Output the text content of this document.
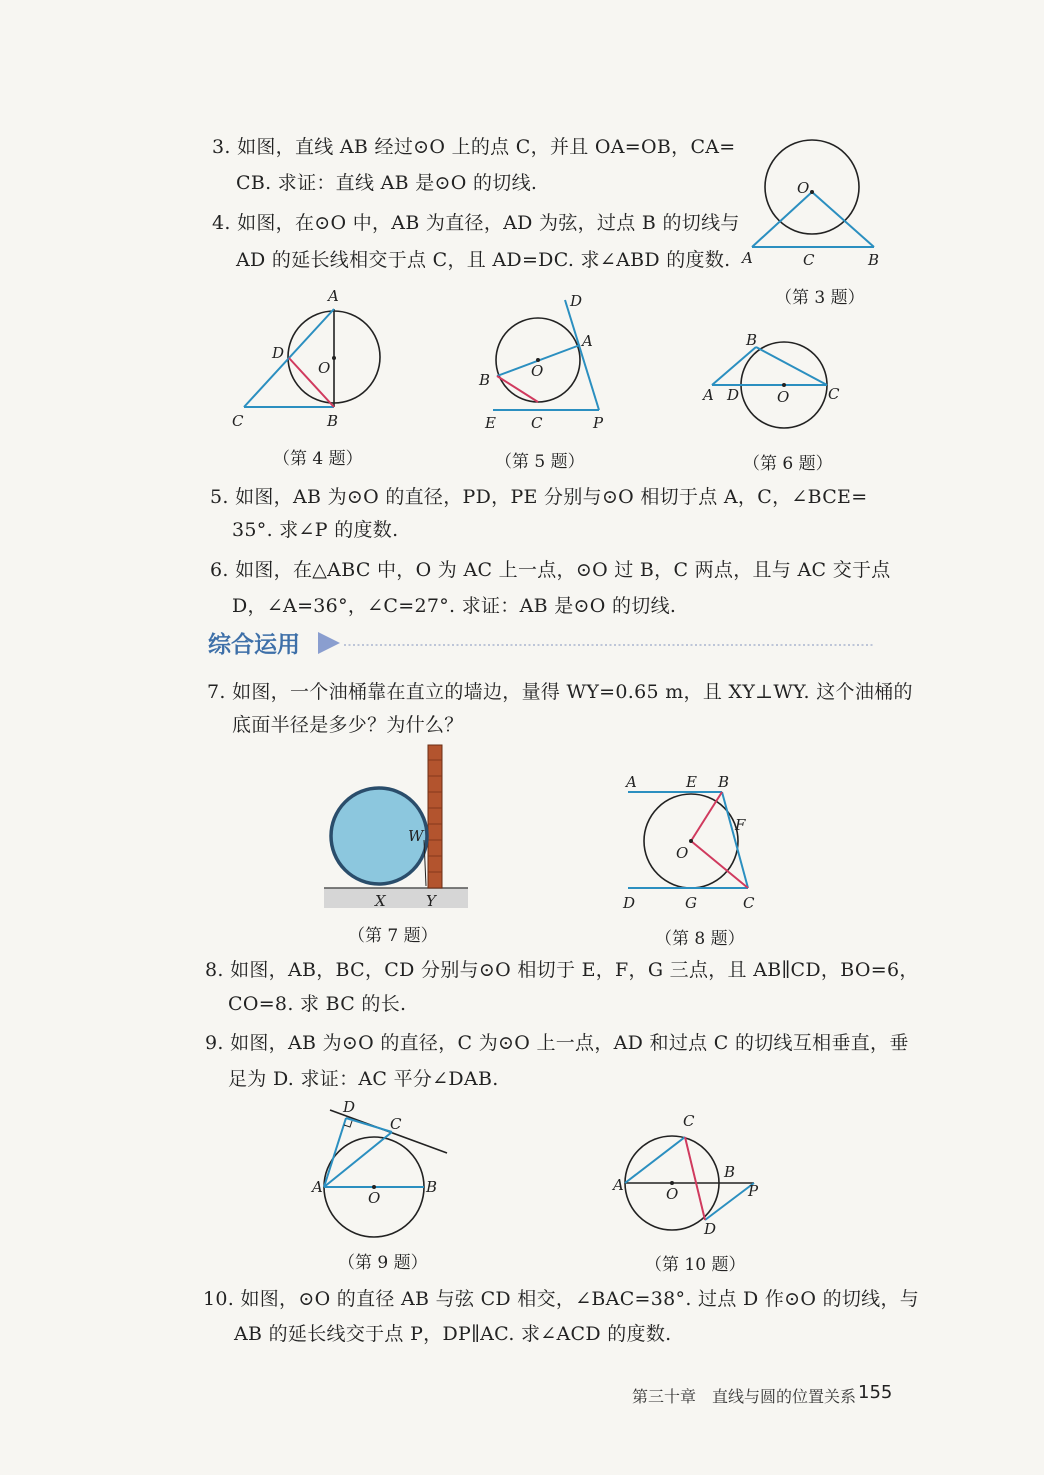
3. 如图，直线 AB 经过⊙O 上的点 C，并且 OA=OB，CA=
CB. 求证：直线 AB 是⊙O 的切线.
4. 如图，在⊙O 中，AB 为直径，AD 为弦，过点 B 的切线与
AD 的延长线相交于点 C，且 AD=DC. 求∠ABD 的度数.
O
A	C	B
（第 3 题）
A
D
O
C	B
（第 4 题）
D
A
O
B
E C	P
（第 5 题）
B
A D	O	C
（第 6 题）
5. 如图，AB 为⊙O 的直径，PD，PE 分别与⊙O 相切于点 A，C，∠BCE=
35°. 求∠P 的度数.
6. 如图，在△ABC 中，O 为 AC 上一点，⊙O 过 B，C 两点，且与 AC 交于点
D，∠A=36°，∠C=27°. 求证：AB 是⊙O 的切线.
综合运用
7. 如图，一个油桶靠在直立的墙边，量得 WY=0.65 m，且 XY⊥WY. 这个油桶的
底面半径是多少？为什么？
W
X	Y
（第 7 题）
A	E B
F
O
D	G	C
（第 8 题）
8. 如图，AB，BC，CD 分别与⊙O 相切于 E，F，G 三点，且 AB∥CD，BO=6，
CO=8. 求 BC 的长.
9. 如图，AB 为⊙O 的直径，C 为⊙O 上一点，AD 和过点 C 的切线互相垂直，垂
足为 D. 求证：AC 平分∠DAB.
D
C
A
O
B
（第 9 题）
C
B
A	O	P
D
（第 10 题）
10. 如图，⊙O 的直径 AB 与弦 CD 相交，∠BAC=38°. 过点 D 作⊙O 的切线，与
AB 的延长线交于点 P，DP∥AC. 求∠ACD 的度数.
第三十章　直线与圆的位置关系 155
